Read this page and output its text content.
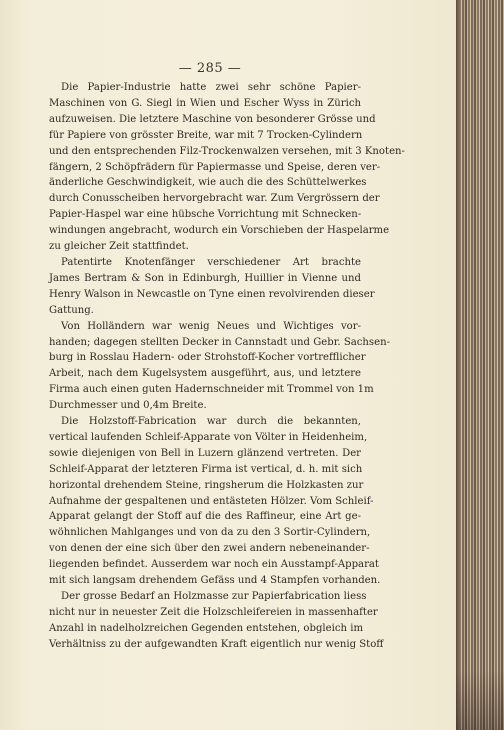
— 285 —
Die Papier-Industrie hatte zwei sehr schöne Papier-
Maschinen von G. Siegl in Wien und Escher Wyss in Zürich
aufzuweisen. Die letztere Maschine von besonderer Grösse und
für Papiere von grösster Breite, war mit 7 Trocken-Cylindern
und den entsprechenden Filz-Trockenwalzen versehen, mit 3 Knoten-
fängern, 2 Schöpfrädern für Papiermasse und Speise, deren ver-
änderliche Geschwindigkeit, wie auch die des Schüttelwerkes
durch Conusscheiben hervorgebracht war. Zum Vergrössern der
Papier-Haspel war eine hübsche Vorrichtung mit Schnecken-
windungen angebracht, wodurch ein Vorschieben der Haspelarme
zu gleicher Zeit stattfindet.
Patentirte Knotenfänger verschiedener Art brachte
James Bertram & Son in Edinburgh, Huillier in Vienne und
Henry Walson in Newcastle on Tyne einen revolvirenden dieser
Gattung.
Von Holländern war wenig Neues und Wichtiges vor-
handen; dagegen stellten Decker in Cannstadt und Gebr. Sachsen-
burg in Rosslau Hadern- oder Strohstoff-Kocher vortrefflicher
Arbeit, nach dem Kugelsystem ausgeführt, aus, und letztere
Firma auch einen guten Hadernschneider mit Trommel von 1m
Durchmesser und 0,4m Breite.
Die Holzstoff-Fabrication war durch die bekannten,
vertical laufenden Schleif-Apparate von Völter in Heidenheim,
sowie diejenigen von Bell in Luzern glänzend vertreten. Der
Schleif-Apparat der letzteren Firma ist vertical, d. h. mit sich
horizontal drehendem Steine, ringsherum die Holzkasten zur
Aufnahme der gespaltenen und entästeten Hölzer. Vom Schleif-
Apparat gelangt der Stoff auf die des Raffineur, eine Art ge-
wöhnlichen Mahlganges und von da zu den 3 Sortir-Cylindern,
von denen der eine sich über den zwei andern nebeneinander-
liegenden befindet. Ausserdem war noch ein Ausstampf-Apparat
mit sich langsam drehendem Gefäss und 4 Stampfen vorhanden.
Der grosse Bedarf an Holzmasse zur Papierfabrication liess
nicht nur in neuester Zeit die Holzschleifereien in massenhafter
Anzahl in nadelholzreichen Gegenden entstehen, obgleich im
Verhältniss zu der aufgewandten Kraft eigentlich nur wenig Stoff
